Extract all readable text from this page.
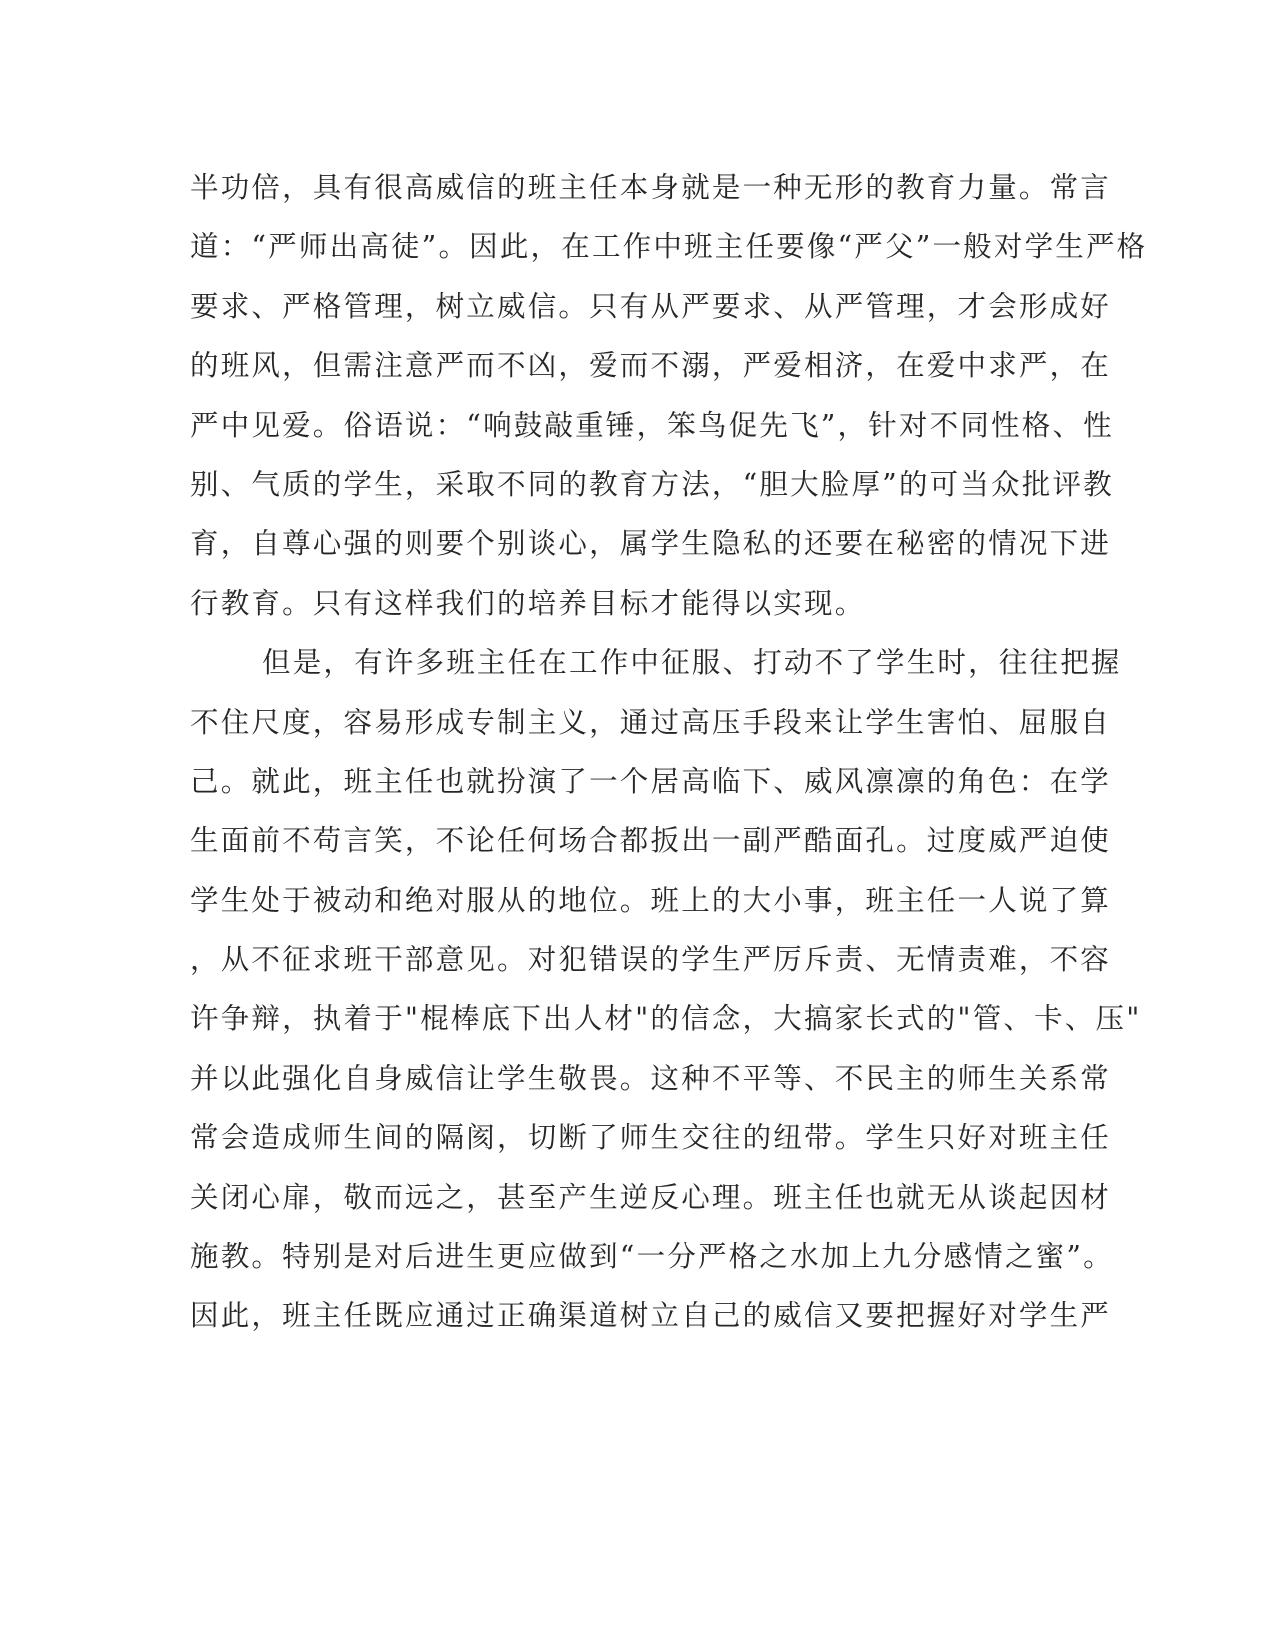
半功倍，具有很高威信的班主任本身就是一种无形的教育力量。常言
道：“严师出高徒”。因此，在工作中班主任要像“严父”一般对学生严格
要求、严格管理，树立威信。只有从严要求、从严管理，才会形成好
的班风，但需注意严而不凶，爱而不溺，严爱相济，在爱中求严，在
严中见爱。俗语说：“响鼓敲重锤，笨鸟促先飞”，针对不同性格、性
别、气质的学生，采取不同的教育方法，“胆大脸厚”的可当众批评教
育，自尊心强的则要个别谈心，属学生隐私的还要在秘密的情况下进
行教育。只有这样我们的培养目标才能得以实现。
但是，有许多班主任在工作中征服、打动不了学生时，往往把握
不住尺度，容易形成专制主义，通过高压手段来让学生害怕、屈服自
己。就此，班主任也就扮演了一个居高临下、威风凛凛的角色：在学
生面前不苟言笑，不论任何场合都扳出一副严酷面孔。过度威严迫使
学生处于被动和绝对服从的地位。班上的大小事，班主任一人说了算
，从不征求班干部意见。对犯错误的学生严厉斥责、无情责难，不容
许争辩，执着于"棍棒底下出人材"的信念，大搞家长式的"管、卡、压"
并以此强化自身威信让学生敬畏。这种不平等、不民主的师生关系常
常会造成师生间的隔阂，切断了师生交往的纽带。学生只好对班主任
关闭心扉，敬而远之，甚至产生逆反心理。班主任也就无从谈起因材
施教。特别是对后进生更应做到“一分严格之水加上九分感情之蜜”。
因此，班主任既应通过正确渠道树立自己的威信又要把握好对学生严
